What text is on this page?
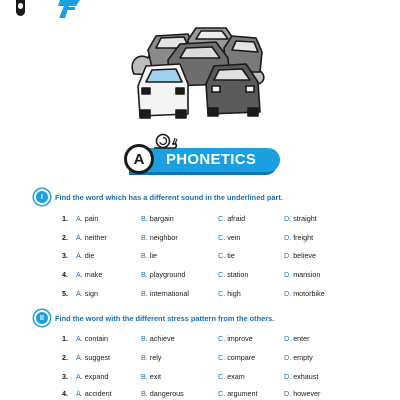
PHONETICS
A
I	Find the word which has a different sound in the underlined part.
1. A. pain	B. bargain	C. afraid	D. straight
2. A. neither	B. neighbor	C. vein	D. freight
3. A. die	B. lie	C. tie	D. believe
4. A. make	B. playground	C. station	D. mansion
5. A. sign	B. international	C. high	D. motorbike
II	Find the word with the different stress pattern from the others.
1. A. contain	B. achieve	C. improve	D. enter
2. A. suggest	B. rely	C. compare	D. empty
3. A. expand	B. exit	C. exam	D. exhaust
4. A. accident	B. dangerous	C. argument	D. however
